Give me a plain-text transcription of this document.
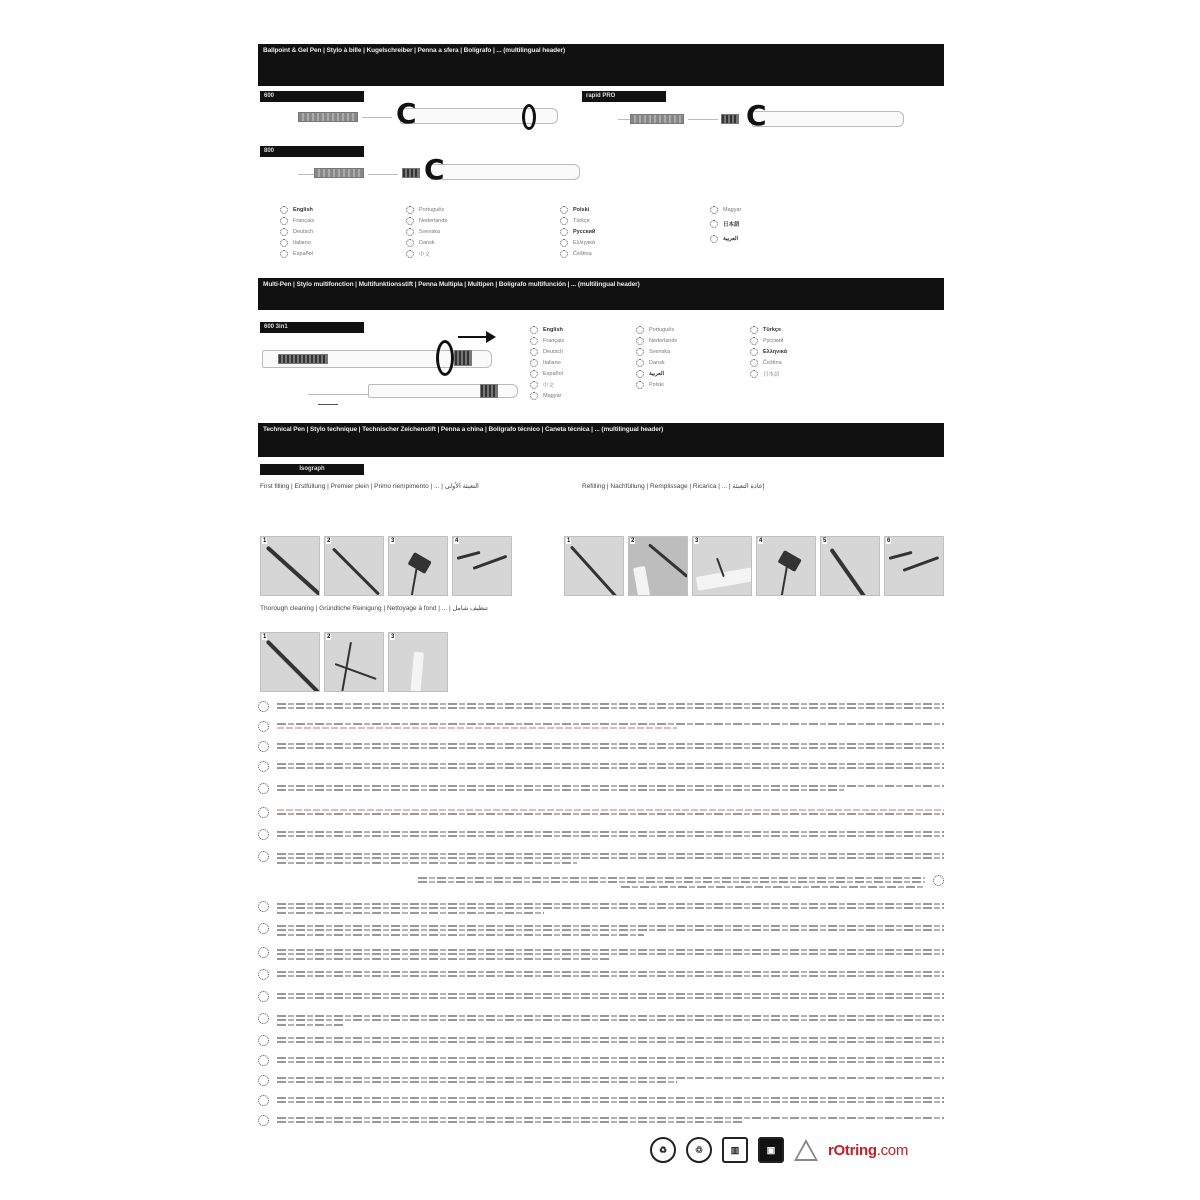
Ballpoint & Gel Pen | Stylo à bille | Kugelschreiber | Penna a sfera | Bolígrafo | ... (multilingual header)
600
C
rapid PRO
C
800
C
English
Français
Deutsch
Italiano
Español
Português
Nederlands
Svenska
Dansk
中文
Polski
Türkçe
Русский
Ελληνικά
Čeština
Magyar
日本語
العربية
Multi-Pen | Stylo multifonction | Multifunktionsstift | Penna Multipla | Multipen | Bolígrafo multifunción | ... (multilingual header)
600 3in1	English
Français
Deutsch
Italiano
Español
中文
Magyar
Português
Nederlands
Svenska
Dansk
العربية
Polski
Türkçe
Русский
Ελληνικά
Čeština
日本語
Technical Pen | Stylo technique | Technischer Zeichenstift | Penna a china | Bolígrafo técnico | Caneta técnica | ... (multilingual header)
Isograph
First filling | Erstfüllung | Premier plein | Primo riempimento | ... | التعبئة الأولى	Refilling | Nachfüllung | Remplissage | Ricarica | ... | إعادة التعبئة
1	2	3	4	1	2	3	4	5	6
Thorough cleaning | Gründliche Reinigung | Nettoyage à fond | ... | تنظيف شامل
1	2	3
♻	♲	▥	▣	rOtring.com
